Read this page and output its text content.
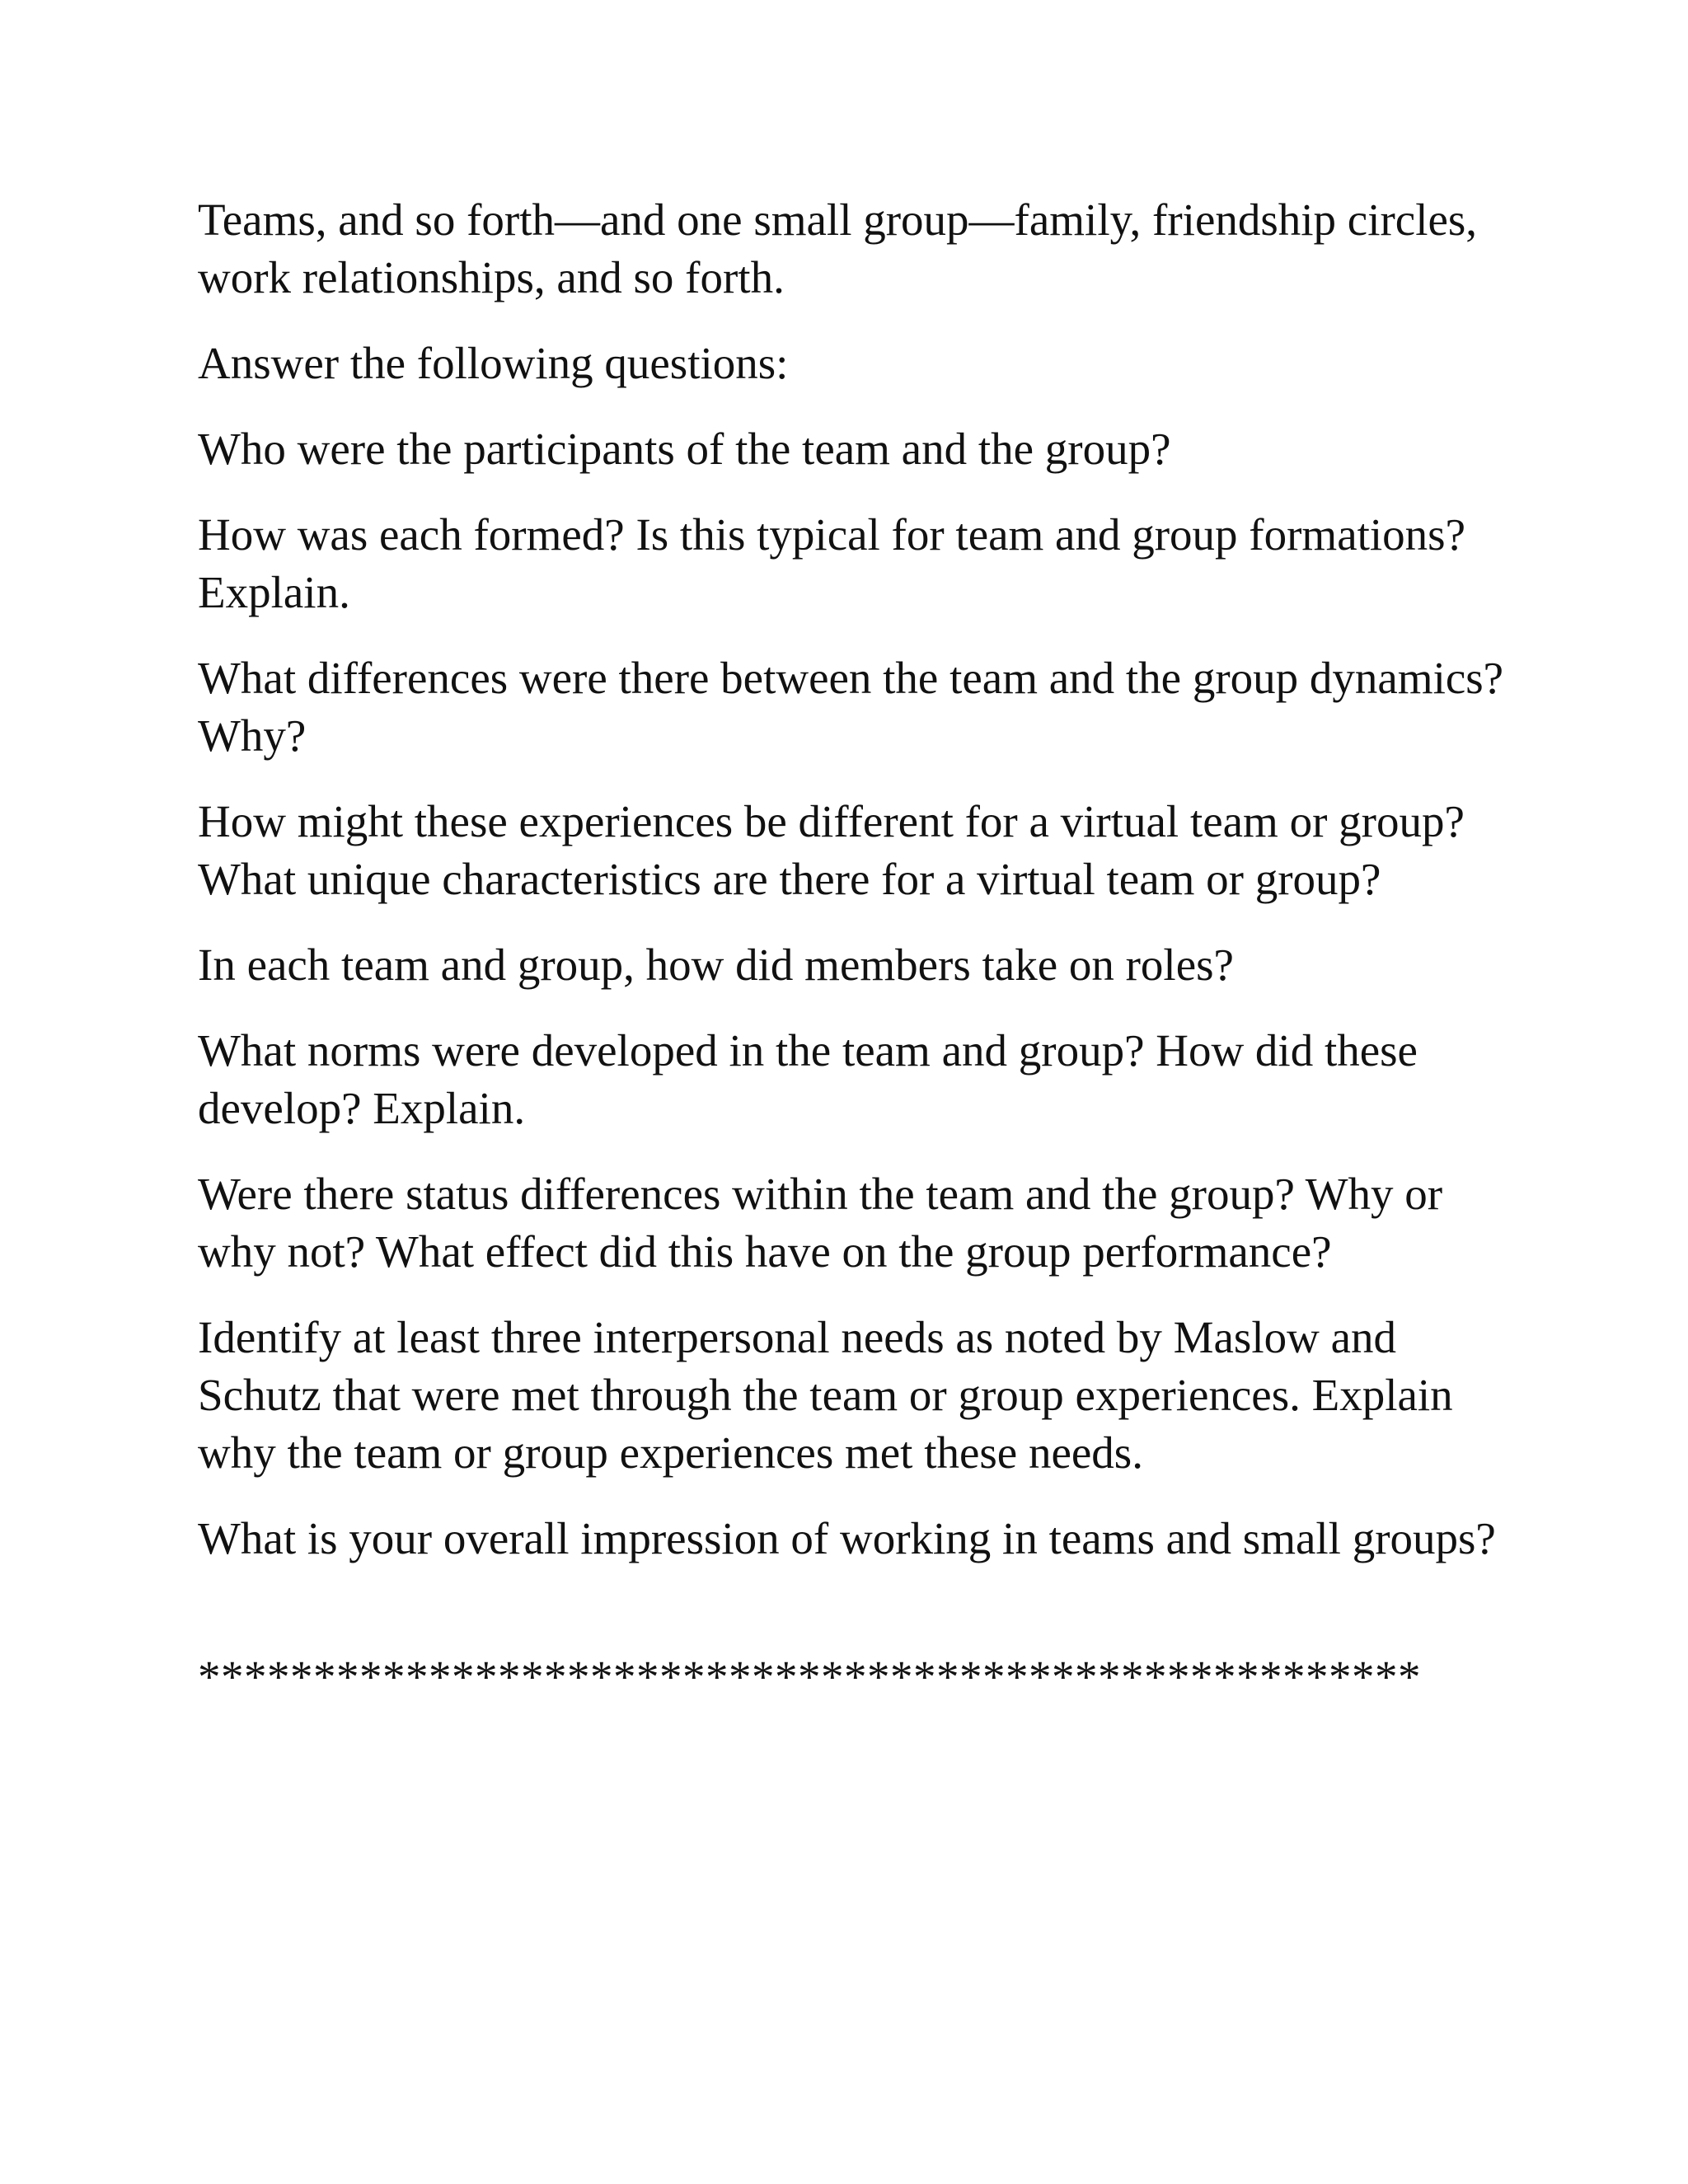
Teams, and so forth—and one small group—family, friendship circles,
work relationships, and so forth.

Answer the following questions:

Who were the participants of the team and the group?

How was each formed? Is this typical for team and group formations?
Explain.

What differences were there between the team and the group dynamics?
Why?

How might these experiences be different for a virtual team or group?
What unique characteristics are there for a virtual team or group?

In each team and group, how did members take on roles?

What norms were developed in the team and group? How did these
develop? Explain.

Were there status differences within the team and the group? Why or
why not? What effect did this have on the group performance?

Identify at least three interpersonal needs as noted by Maslow and
Schutz that were met through the team or group experiences. Explain
why the team or group experiences met these needs.

What is your overall impression of working in teams and small groups?

*****************************************************
